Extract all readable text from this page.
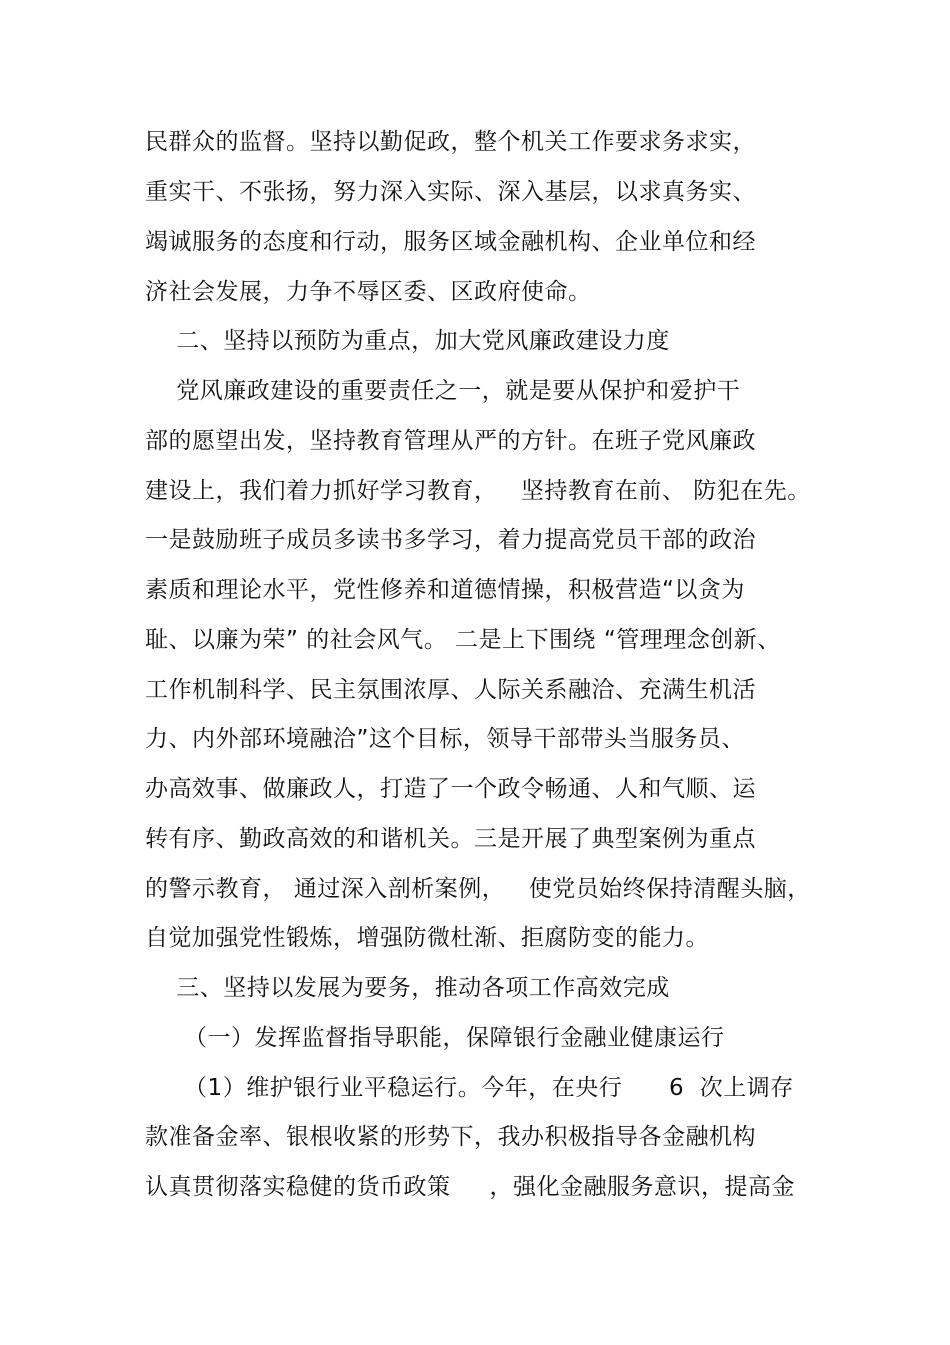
民群众的监督。坚持以勤促政，整个机关工作要求务求实，
重实干、不张扬，努力深入实际、深入基层，以求真务实、
竭诚服务的态度和行动，服务区域金融机构、企业单位和经
济社会发展，力争不辱区委、区政府使命。
二、坚持以预防为重点，加大党风廉政建设力度
党风廉政建设的重要责任之一，就是要从保护和爱护干
部的愿望出发，坚持教育管理从严的方针。在班子党风廉政
建设上，我们着力抓好学习教育，   坚持教育在前、 防犯在先。
一是鼓励班子成员多读书多学习，着力提高党员干部的政治
素质和理论水平，党性修养和道德情操，积极营造“以贪为
耻、以廉为荣” 的社会风气。 二是上下围绕 “管理理念创新、
工作机制科学、民主氛围浓厚、人际关系融洽、充满生机活
力、内外部环境融洽”这个目标，领导干部带头当服务员、
办高效事、做廉政人，打造了一个政令畅通、人和气顺、运
转有序、勤政高效的和谐机关。三是开展了典型案例为重点
的警示教育， 通过深入剖析案例，   使党员始终保持清醒头脑，
自觉加强党性锻炼，增强防微杜渐、拒腐防变的能力。
三、坚持以发展为要务，推动各项工作高效完成
（一）发挥监督指导职能，保障银行金融业健康运行
（1）维护银行业平稳运行。今年，在央行      6  次上调存
款准备金率、银根收紧的形势下，我办积极指导各金融机构
认真贯彻落实稳健的货币政策     ，强化金融服务意识，提高金
